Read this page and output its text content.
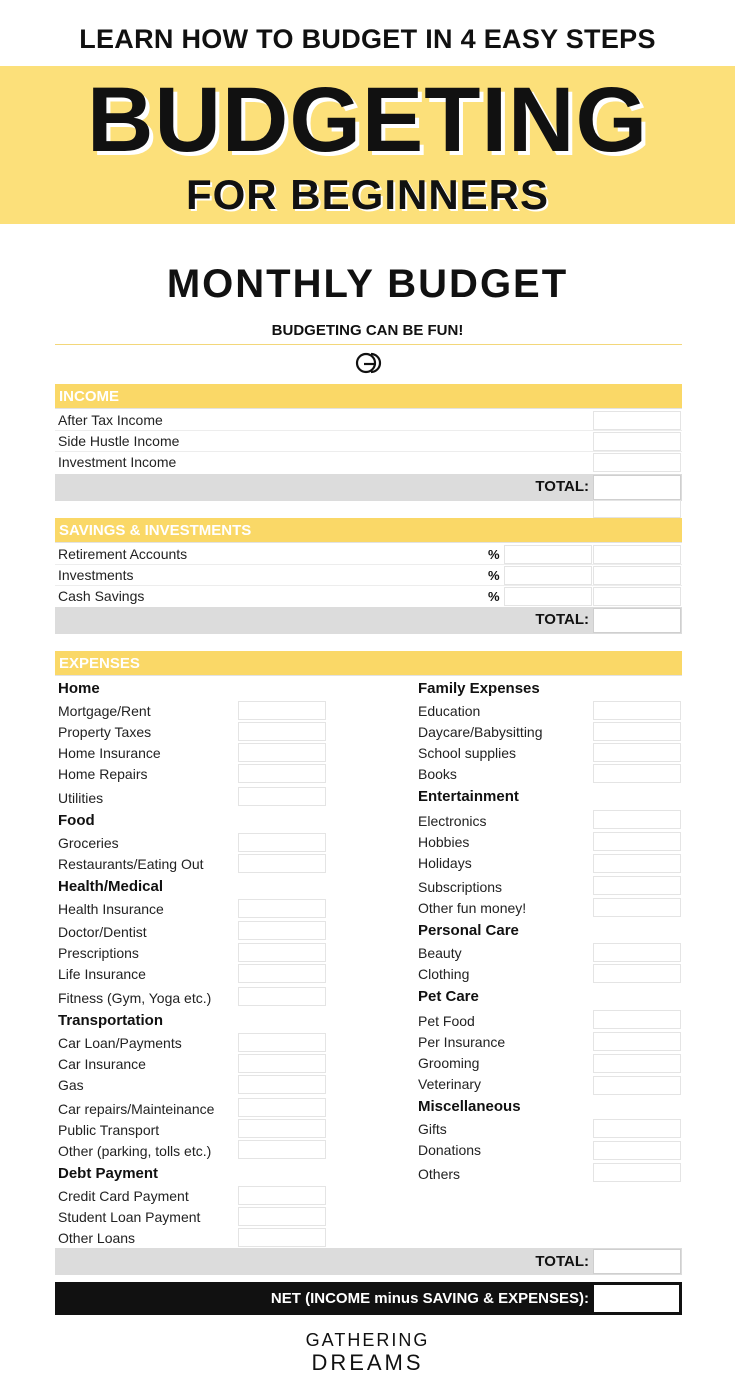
LEARN HOW TO BUDGET IN 4 EASY STEPS
BUDGETING
FOR BEGINNERS
MONTHLY BUDGET
BUDGETING CAN BE FUN!
INCOME
After Tax Income
Side Hustle Income
Investment Income
TOTAL:
SAVINGS & INVESTMENTS
Retirement Accounts
Investments
Cash Savings
%
%
%
TOTAL:
EXPENSES
Home
Mortgage/Rent
Property Taxes
Home Insurance
Home Repairs
Utilities
Food
Groceries
Restaurants/Eating Out
Health/Medical
Health Insurance
Doctor/Dentist
Prescriptions
Life Insurance
Fitness (Gym, Yoga etc.)
Transportation
Car Loan/Payments
Car Insurance
Gas
Car repairs/Mainteinance
Public Transport
Other (parking, tolls etc.)
Debt Payment
Credit Card Payment
Student Loan Payment
Other Loans
Family Expenses
Education
Daycare/Babysitting
School supplies
Books
Entertainment
Electronics
Hobbies
Holidays
Subscriptions
Other fun money!
Personal Care
Beauty
Clothing
Pet Care
Pet Food
Per Insurance
Grooming
Veterinary
Miscellaneous
Gifts
Donations
Others
TOTAL:
NET (INCOME minus SAVING & EXPENSES):
GATHERING
DREAMS
